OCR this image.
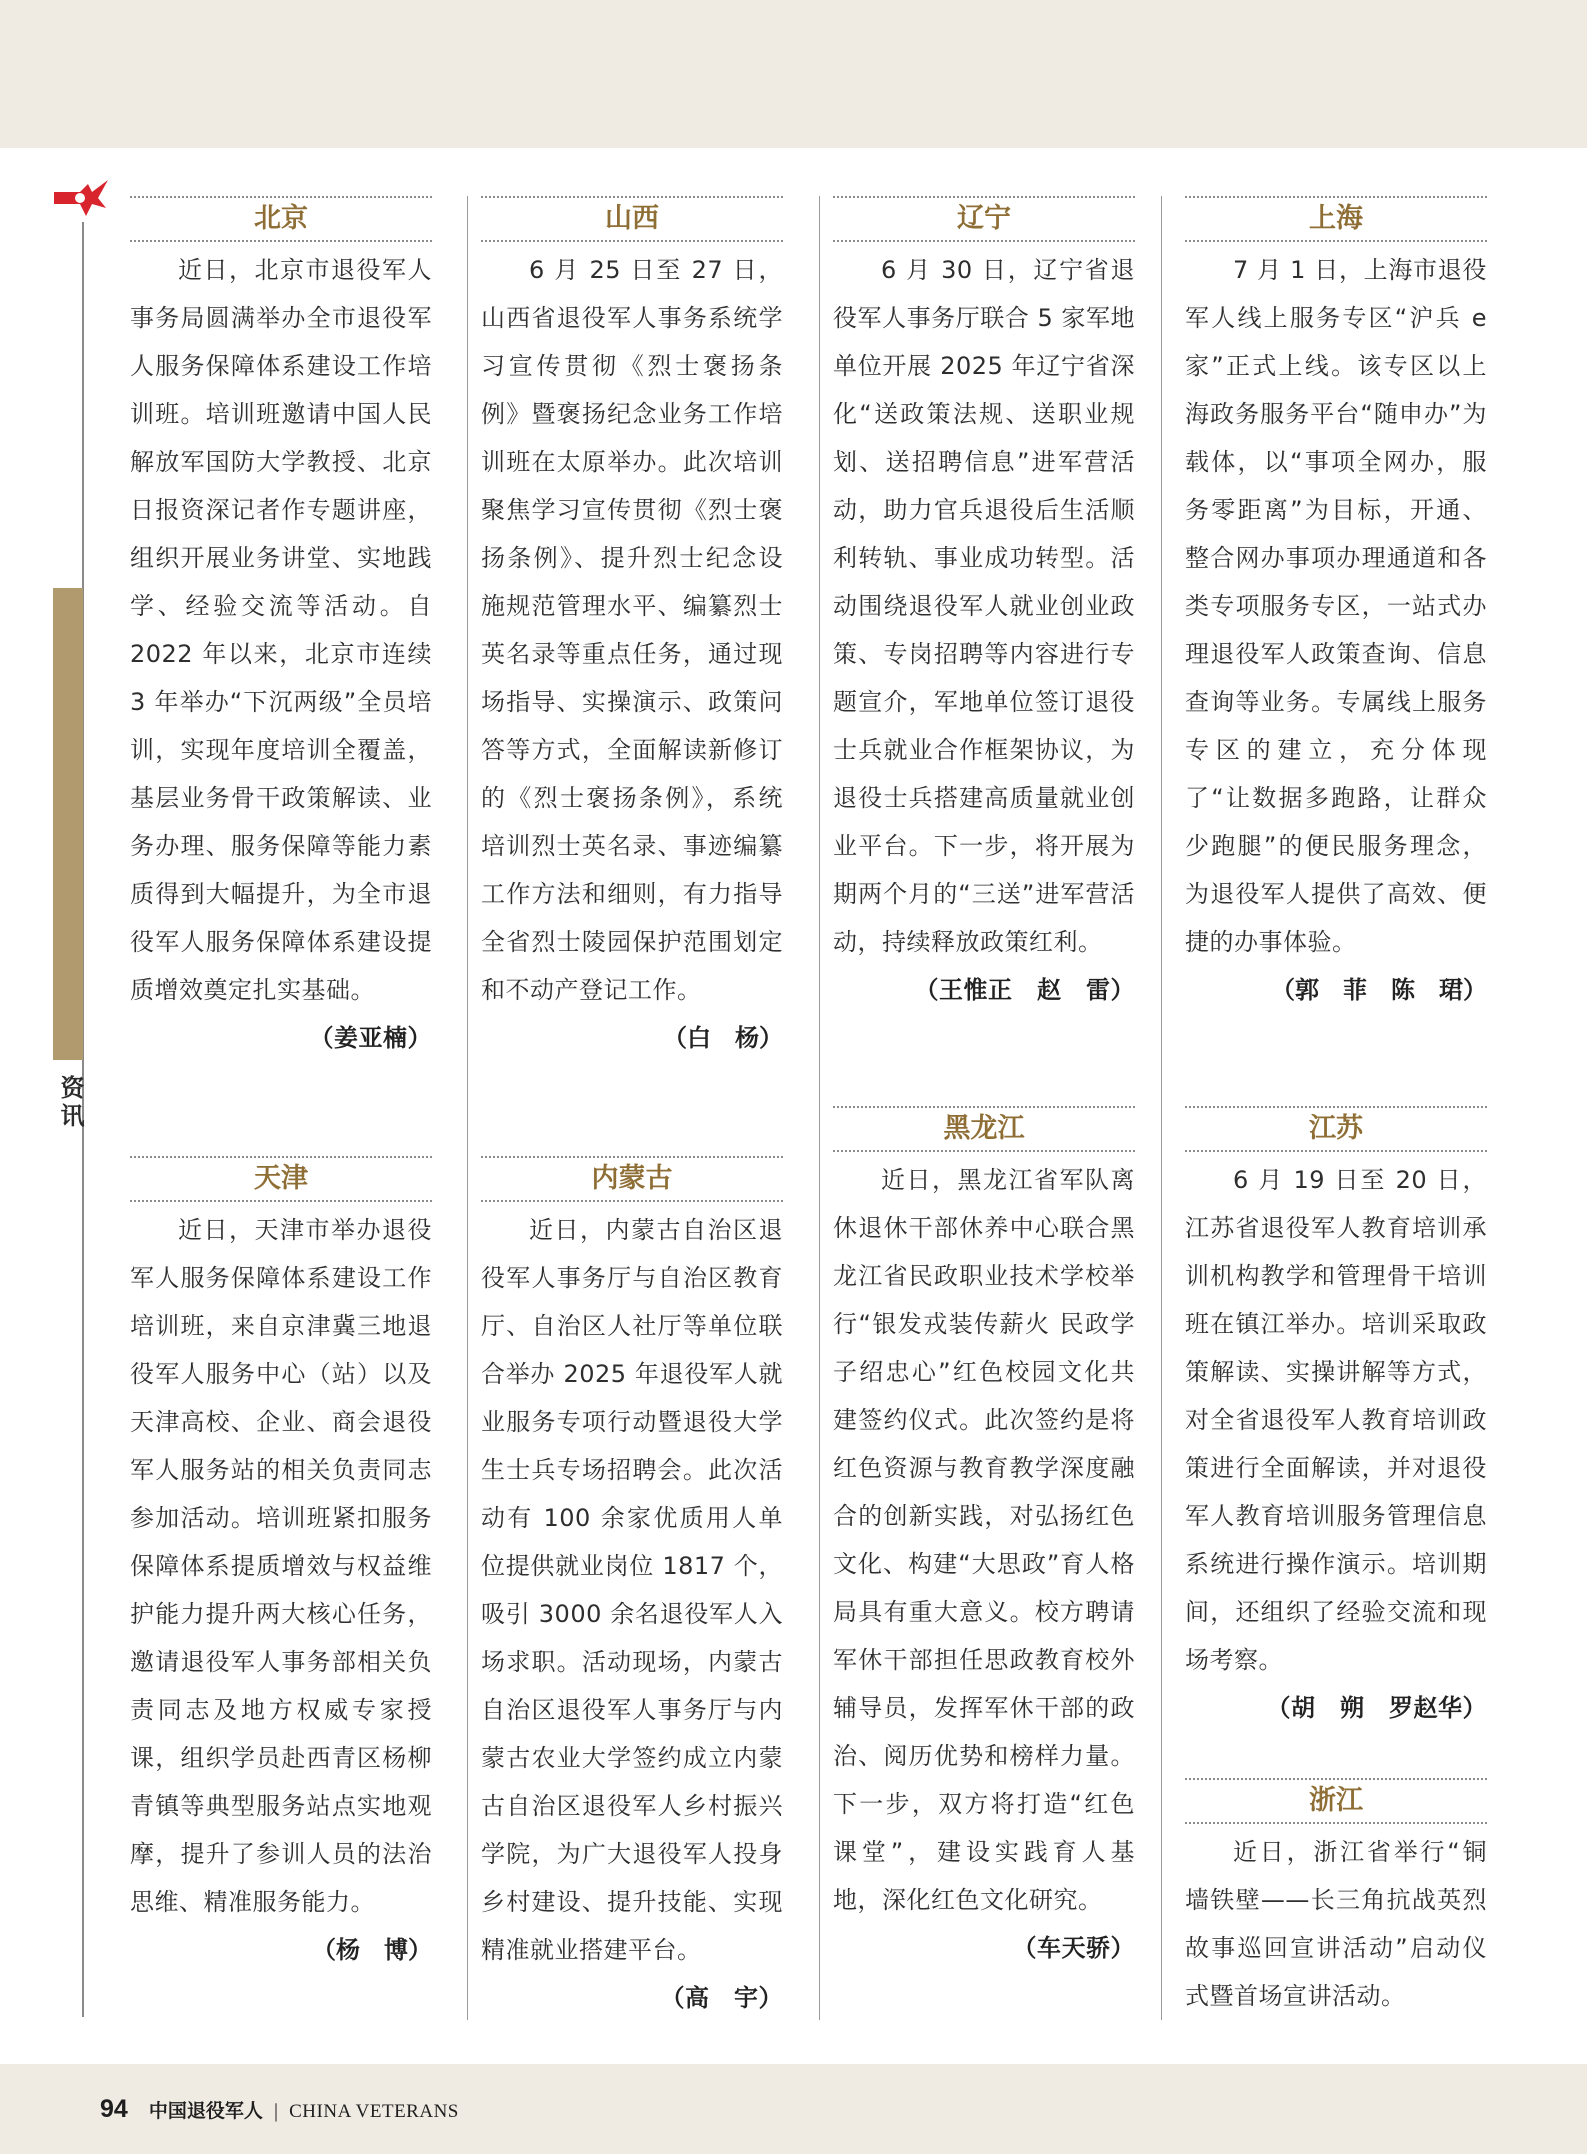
资讯
北京

近日，北京市退役军人事务局圆满举办全市退役军人服务保障体系建设工作培训班。培训班邀请中国人民解放军国防大学教授、北京日报资深记者作专题讲座，组织开展业务讲堂、实地践学、经验交流等活动。自 2022 年以来，北京市连续 3 年举办“下沉两级”全员培训，实现年度培训全覆盖，基层业务骨干政策解读、业务办理、服务保障等能力素质得到大幅提升，为全市退役军人服务保障体系建设提质增效奠定扎实基础。
（姜亚楠）

天津

近日，天津市举办退役军人服务保障体系建设工作培训班，来自京津冀三地退役军人服务中心（站）以及天津高校、企业、商会退役军人服务站的相关负责同志参加活动。培训班紧扣服务保障体系提质增效与权益维护能力提升两大核心任务，邀请退役军人事务部相关负责同志及地方权威专家授课，组织学员赴西青区杨柳青镇等典型服务站点实地观摩，提升了参训人员的法治思维、精准服务能力。

（杨　博）
山西

6 月 25 日至 27 日，山西省退役军人事务系统学习宣传贯彻《烈士褒扬条例》暨褒扬纪念业务工作培训班在太原举办。此次培训聚焦学习宣传贯彻《烈士褒扬条例》、提升烈士纪念设施规范管理水平、编纂烈士英名录等重点任务，通过现场指导、实操演示、政策问答等方式，全面解读新修订的《烈士褒扬条例》，系统培训烈士英名录、事迹编纂工作方法和细则，有力指导全省烈士陵园保护范围划定和不动产登记工作。

（白　杨）
内蒙古

近日，内蒙古自治区退役军人事务厅与自治区教育厅、自治区人社厅等单位联合举办 2025 年退役军人就业服务专项行动暨退役大学生士兵专场招聘会。此次活动有 100 余家优质用人单位提供就业岗位 1817 个，吸引 3000 余名退役军人入场求职。活动现场，内蒙古自治区退役军人事务厅与内蒙古农业大学签约成立内蒙古自治区退役军人乡村振兴学院，为广大退役军人投身乡村建设、提升技能、实现精准就业搭建平台。
（高　宇）

辽宁

6 月 30 日，辽宁省退役军人事务厅联合 5 家军地单位开展 2025 年辽宁省深化“送政策法规、送职业规划、送招聘信息”进军营活动，助力官兵退役后生活顺利转轨、事业成功转型。活动围绕退役军人就业创业政策、专岗招聘等内容进行专题宣介，军地单位签订退役士兵就业合作框架协议，为退役士兵搭建高质量就业创业平台。下一步，将开展为期两个月的“三送”进军营活动，持续释放政策红利。
（王惟正　赵　雷）

黑龙江

近日，黑龙江省军队离休退休干部休养中心联合黑龙江省民政职业技术学校举行“银发戎装传薪火 民政学子绍忠心”红色校园文化共建签约仪式。此次签约是将红色资源与教育教学深度融合的创新实践，对弘扬红色文化、构建“大思政”育人格局具有重大意义。校方聘请军休干部担任思政教育校外辅导员，发挥军休干部的政治、阅历优势和榜样力量。下一步，双方将打造“红色课堂”，建设实践育人基地，深化红色文化研究。
（车天骄）

上海

7 月 1 日，上海市退役军人线上服务专区“沪兵 e 家”正式上线。该专区以上海政务服务平台“随申办”为载体，以“事项全网办，服务零距离”为目标，开通、整合网办事项办理通道和各类专项服务专区，一站式办理退役军人政策查询、信息查询等业务。专属线上服务专区的建立，充分体现了“让数据多跑路，让群众少跑腿”的便民服务理念，为退役军人提供了高效、便捷的办事体验。

（郭　菲　陈　珺）
江苏

6 月 19 日至 20 日，江苏省退役军人教育培训承训机构教学和管理骨干培训班在镇江举办。培训采取政策解读、实操讲解等方式，对全省退役军人教育培训政策进行全面解读，并对退役军人教育培训服务管理信息系统进行操作演示。培训期间，还组织了经验交流和现场考察。
（胡　朔　罗赵华）

浙江

近日，浙江省举行“铜墙铁壁——长三角抗战英烈故事巡回宣讲活动”启动仪式暨首场宣讲活动。

94 中国退役军人 | CHINA VETERANS
